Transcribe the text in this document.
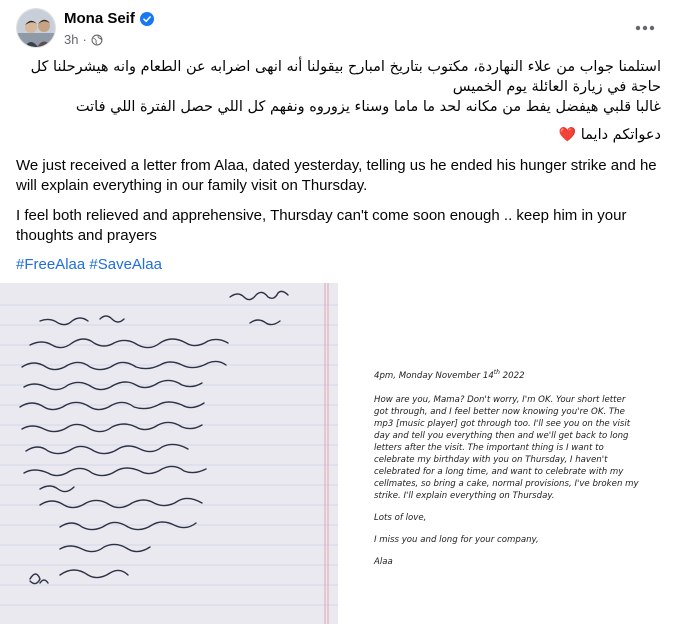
Mona Seif
3h ·

استلمنا جواب من علاء النهاردة، مكتوب بتاريخ امبارح بيقولنا أنه انهى اضرابه عن الطعام وانه هيشرحلنا كل حاجة في زيارة العائلة يوم الخميس

غالبا قلبي هيفضل يفط من مكانه لحد ما ماما وسناء يزوروه ونفهم كل اللي حصل الفترة اللي فاتت

دعواتكم دايما ❤️

We just received a letter from Alaa, dated yesterday, telling us he ended his hunger strike and he will explain everything in our family visit on Thursday.

I feel both relieved and apprehensive, Thursday can't come soon enough .. keep him in your thoughts and prayers

#FreeAlaa #SaveAlaa

4pm, Monday November 14th 2022

How are you, Mama? Don't worry, I'm OK. Your short letter got through, and I feel better now knowing you're OK. The mp3 [music player] got through too. I'll see you on the visit day and tell you everything then and we'll get back to long letters after the visit. The important thing is I want to celebrate my birthday with you on Thursday, I haven't celebrated for a long time, and want to celebrate with my cellmates, so bring a cake, normal provisions, I've broken my strike. I'll explain everything on Thursday.

Lots of love,

I miss you and long for your company,

Alaa
